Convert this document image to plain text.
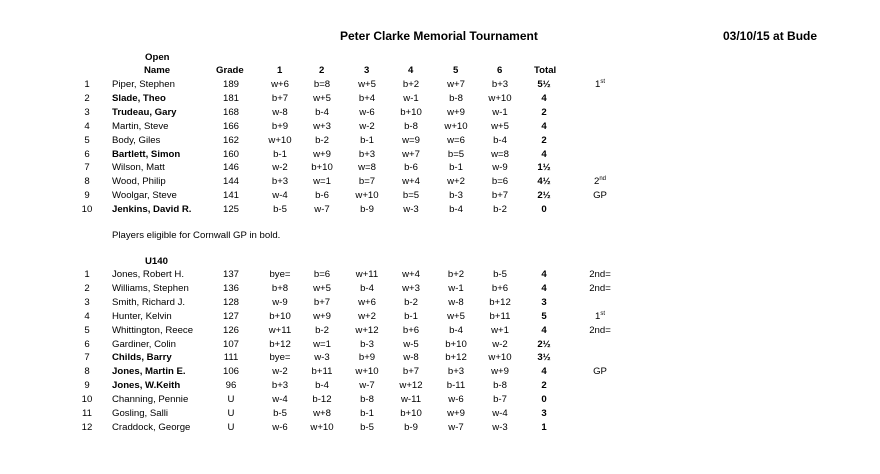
Peter Clarke Memorial Tournament	03/10/15 at Bude
Open
Name	Grade	1	2	3	4	5	6	Total
1	Piper, Stephen	189	w+6	b=8	w+5	b+2	w+7	b+3	5½	1st
2	Slade, Theo	181	b+7	w+5	b+4	w-1	b-8	w+10	4
3	Trudeau, Gary	168	w-8	b-4	w-6	b+10	w+9	w-1	2
4	Martin, Steve	166	b+9	w+3	w-2	b-8	w+10	w+5	4
5	Body, Giles	162	w+10	b-2	b-1	w=9	w=6	b-4	2
6	Bartlett, Simon	160	b-1	w+9	b+3	w+7	b=5	w=8	4
7	Wilson, Matt	146	w-2	b+10	w=8	b-6	b-1	w-9	1½
8	Wood, Philip	144	b+3	w=1	b=7	w+4	w+2	b=6	4½	2nd
9	Woolgar, Steve	141	w-4	b-6	w+10	b=5	b-3	b+7	2½	GP
10	Jenkins, David R.	125	b-5	w-7	b-9	w-3	b-4	b-2	0
Players eligible for Cornwall GP in bold.
U140
1	Jones, Robert H.	137	bye=	b=6	w+11	w+4	b+2	b-5	4	2nd=
2	Williams, Stephen	136	b+8	w+5	b-4	w+3	w-1	b+6	4	2nd=
3	Smith, Richard J.	128	w-9	b+7	w+6	b-2	w-8	b+12	3
4	Hunter, Kelvin	127	b+10	w+9	w+2	b-1	w+5	b+11	5	1st
5	Whittington, Reece	126	w+11	b-2	w+12	b+6	b-4	w+1	4	2nd=
6	Gardiner, Colin	107	b+12	w=1	b-3	w-5	b+10	w-2	2½
7	Childs, Barry	111	bye=	w-3	b+9	w-8	b+12	w+10	3½
8	Jones, Martin E.	106	w-2	b+11	w+10	b+7	b+3	w+9	4	GP
9	Jones, W.Keith	96	b+3	b-4	w-7	w+12	b-11	b-8	2
10	Channing, Pennie	U	w-4	b-12	b-8	w-11	w-6	b-7	0
11	Gosling, Salli	U	b-5	w+8	b-1	b+10	w+9	w-4	3
12	Craddock, George	U	w-6	w+10	b-5	b-9	w-7	w-3	1
